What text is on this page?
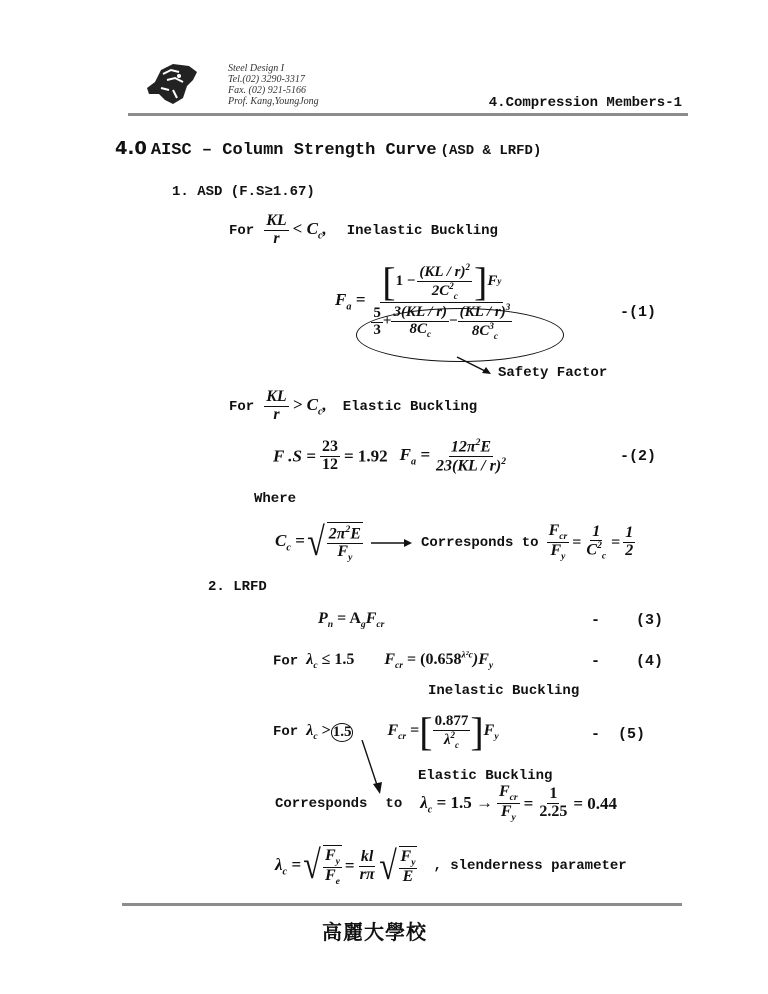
Steel Design I
Tel.(02) 3290-3317
Fax. (02) 921-5166
Prof. Kang,YoungJong	4.Compression Members-1
4.0 AISC – Column Strength Curve (ASD & LRFD)
1. ASD (F.S≥1.67)
For $\frac{KL}{r} < C_c$, Inelastic Buckling
$F_a = \frac{[ 1 - \frac{(KL / r)^2}{2C^2_c} ] F y}{\frac{5}{3} + \frac{3(KL / r)}{8C_c} - \frac{(KL / r)^3}{8C^3_c}}$	-(1)
Safety Factor
For $\frac{KL}{r} > C_c$, Elastic Buckling
F $.S = \frac{23}{12} = 1.92$ $F_a = \frac{12\pi^2E}{23(KL / r)^2}$	-(2)
Where
$C_c$ = √ $\frac{2\pi^2E}{F_y}$	Corresponds to $\frac{F_{cr}}{F_y} = \frac{1}{C^2_c} = \frac{1}{2}$
2. LRFD
$P_n = A_gF_{cr}$	- (3)
For $\lambda_c \le 1.5$ $F_{cr} = (0.658^{\lambda^2c})F_y$	- (4)
Inelastic Buckling
For $\lambda_c > 1.5$ $F_{cr}$ = [ $\frac{0.877}{\lambda^2_c}$ ] $F_y$	- (5)
Elastic Buckling
Corresponds to $\lambda_c = 1.5 \to \frac{F_{cr}}{F_y} = \frac{1}{2.25} = 0.44$
$\lambda_c$ = √ $\frac{F_y}{F_e} = \frac{kl}{r\pi}$ √ $\frac{F_y}{E}$ , slenderness parameter
高麗大學校
